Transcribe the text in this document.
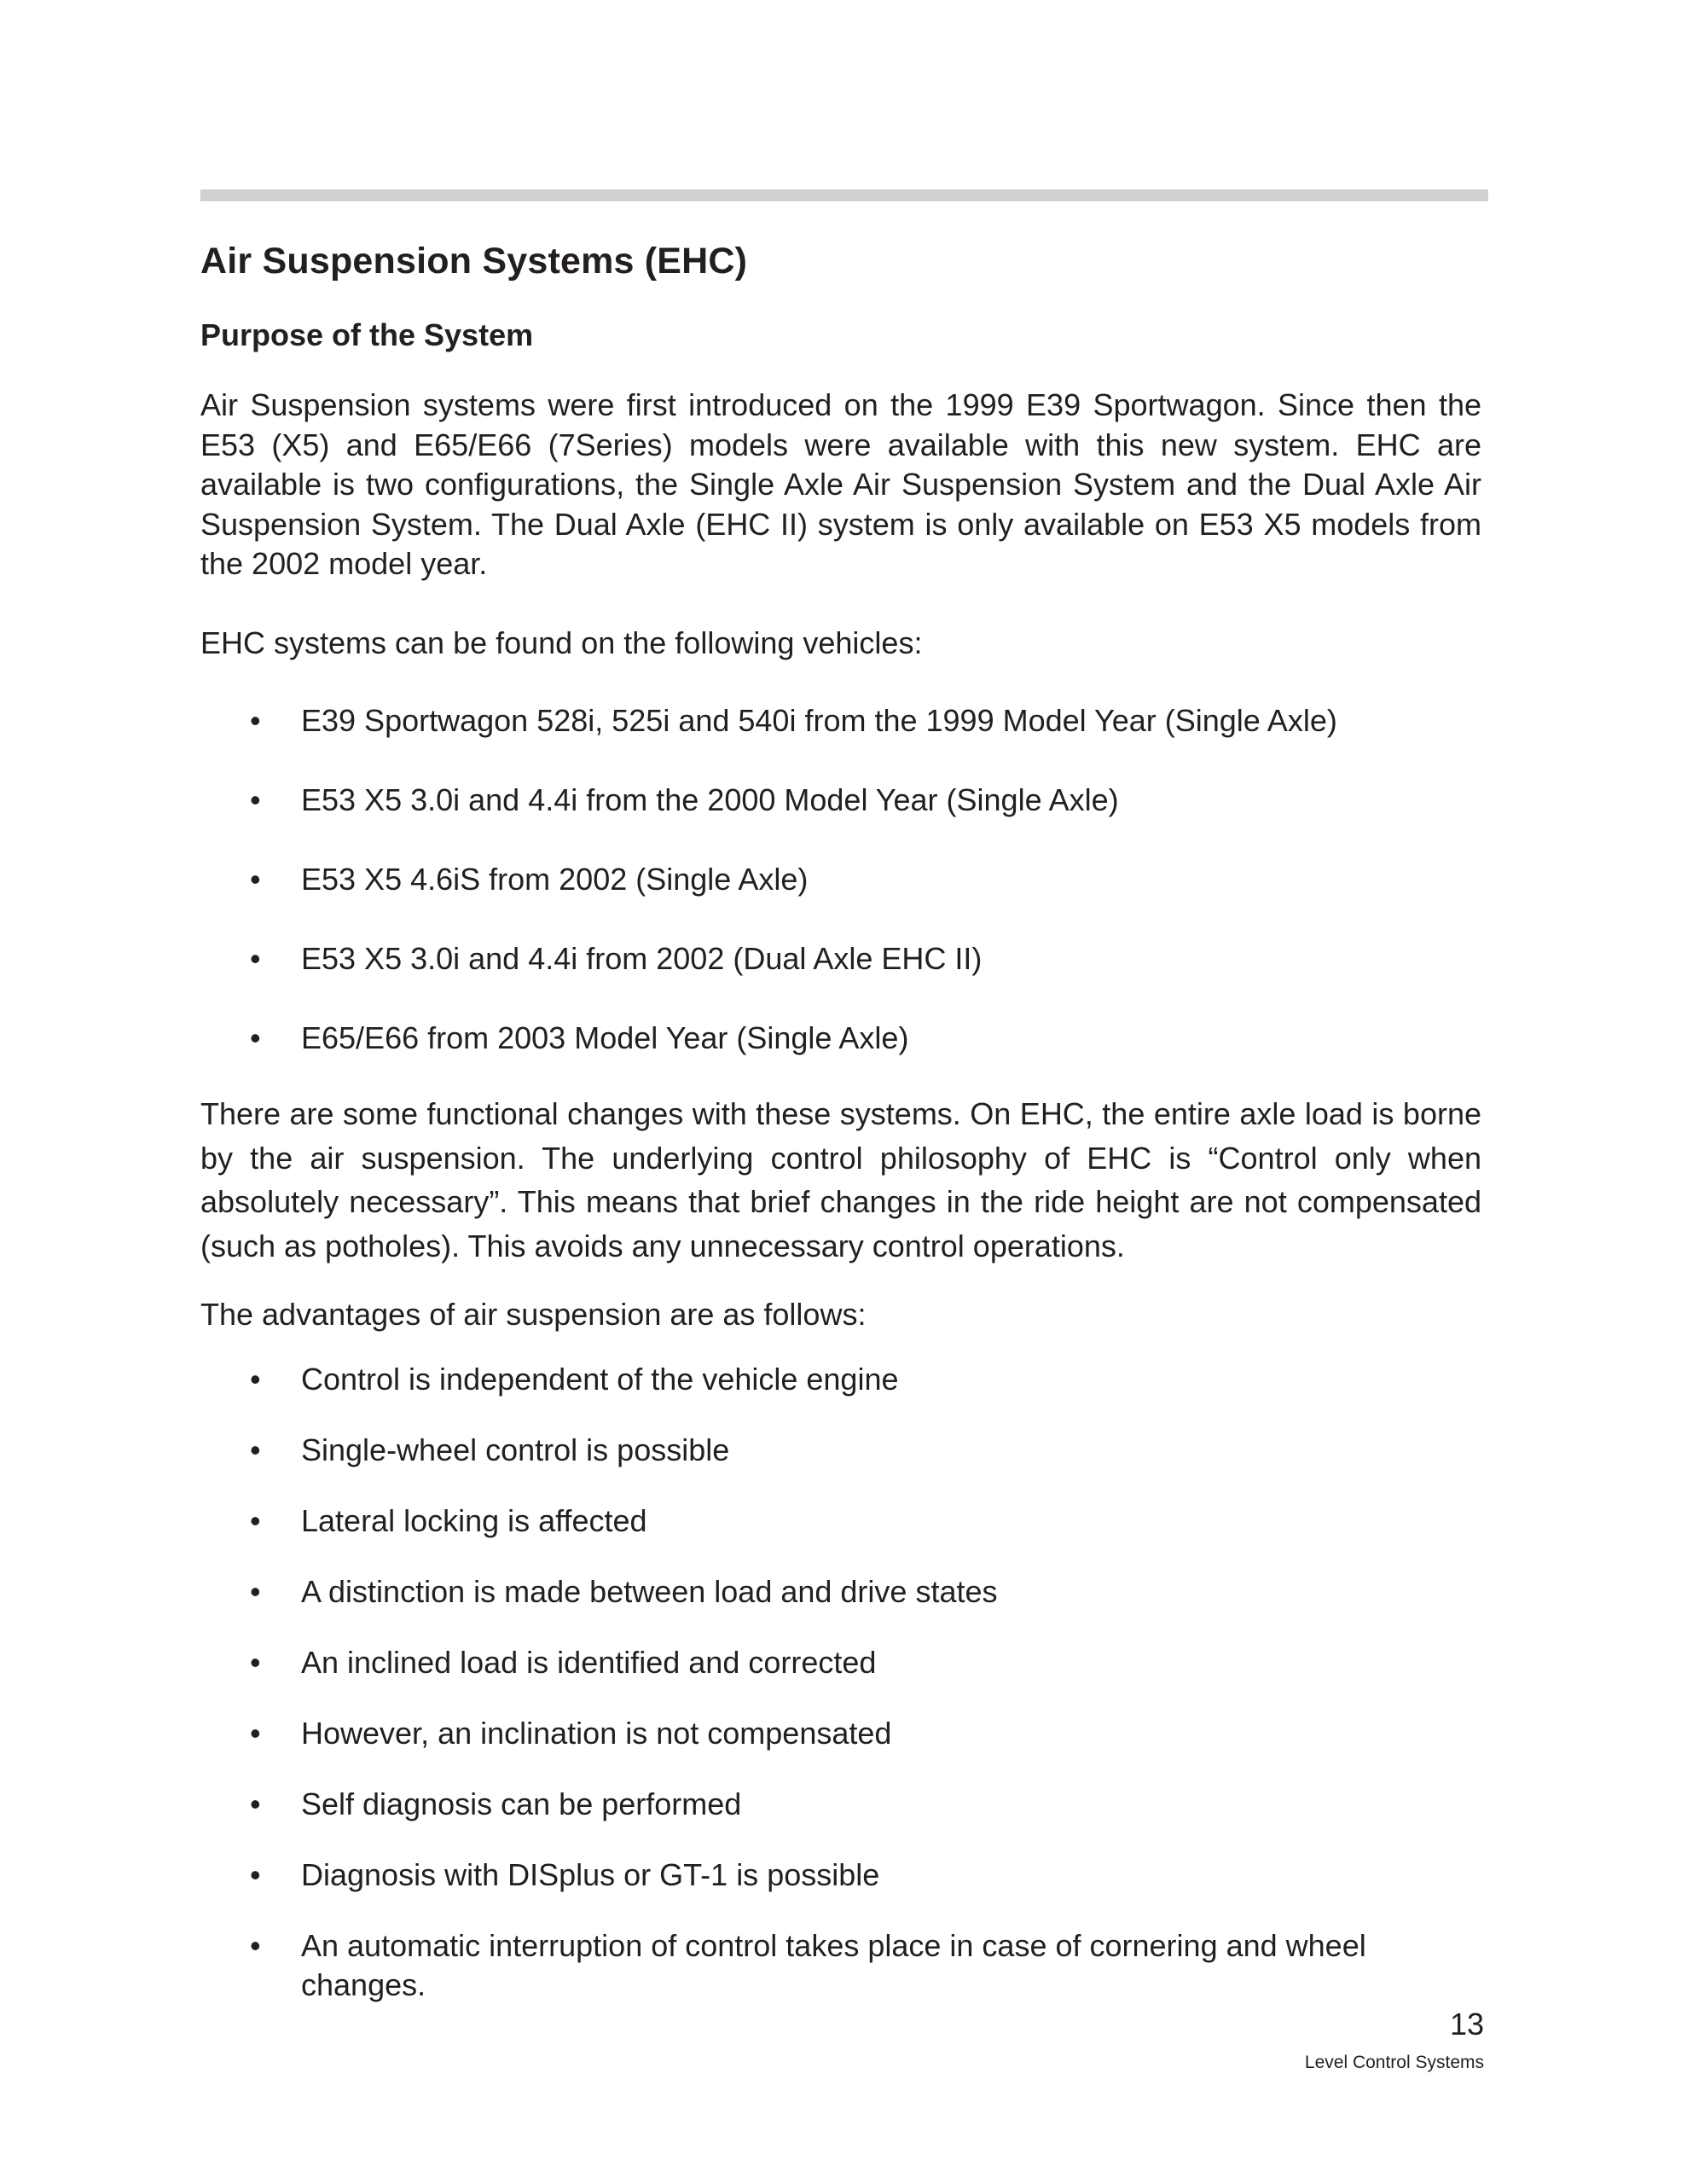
Air Suspension Systems (EHC)
Purpose of the System

Air Suspension systems were first introduced on the 1999 E39 Sportwagon. Since then the E53 (X5) and E65/E66 (7Series) models were available with this new system. EHC are available is two configurations, the Single Axle Air Suspension System and the Dual Axle Air Suspension System. The Dual Axle (EHC II) system is only available on E53 X5 models from the 2002 model year.

EHC systems can be found on the following vehicles:

• E39 Sportwagon 528i, 525i and 540i from the 1999 Model Year (Single Axle)
• E53 X5 3.0i and 4.4i from the 2000 Model Year (Single Axle)
• E53 X5 4.6iS from 2002 (Single Axle)
• E53 X5 3.0i and 4.4i from 2002 (Dual Axle EHC II)
• E65/E66 from 2003 Model Year (Single Axle)

There are some functional changes with these systems. On EHC, the entire axle load is borne by the air suspension. The underlying control philosophy of EHC is “Control only when absolutely necessary”. This means that brief changes in the ride height are not compensated (such as potholes). This avoids any unnecessary control operations.

The advantages of air suspension are as follows:

• Control is independent of the vehicle engine
• Single-wheel control is possible
• Lateral locking is affected
• A distinction is made between load and drive states
• An inclined load is identified and corrected
• However, an inclination is not compensated
• Self diagnosis can be performed
• Diagnosis with DISplus or GT-1 is possible
• An automatic interruption of control takes place in case of cornering and wheel changes.
13
Level Control Systems
